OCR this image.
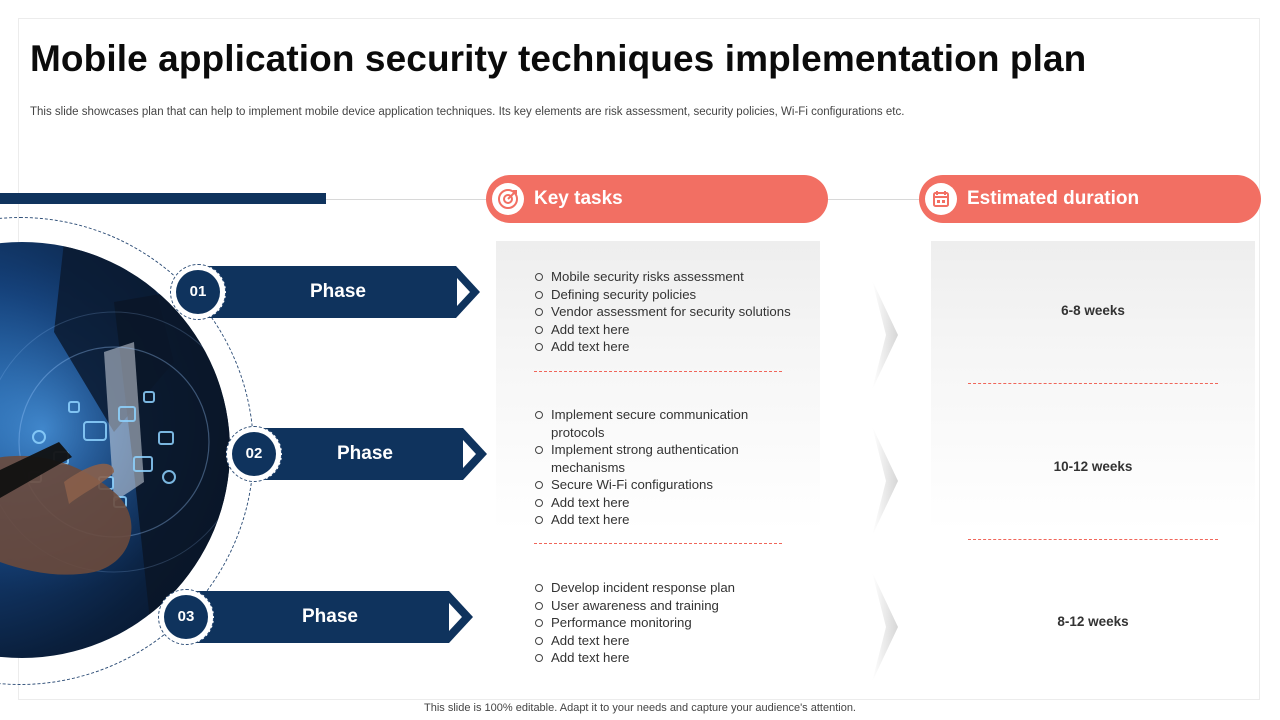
Mobile application security techniques implementation plan
This slide showcases plan that can help to implement mobile device application techniques. Its key elements are risk assessment, security policies, Wi-Fi configurations etc.
Phase
01
Phase
02
Phase
03
Key tasks	Estimated duration
Mobile security risks assessment
Defining security policies
Vendor assessment for security solutions
Add text here
Add text here
Implement secure communication protocols
Implement strong authentication mechanisms
Secure Wi-Fi configurations
Add text here
Add text here
Develop incident response plan
User awareness and training
Performance monitoring
Add text here
Add text here
6-8 weeks
10-12 weeks
8-12 weeks
This slide is 100% editable. Adapt it to your needs and capture your audience's attention.
